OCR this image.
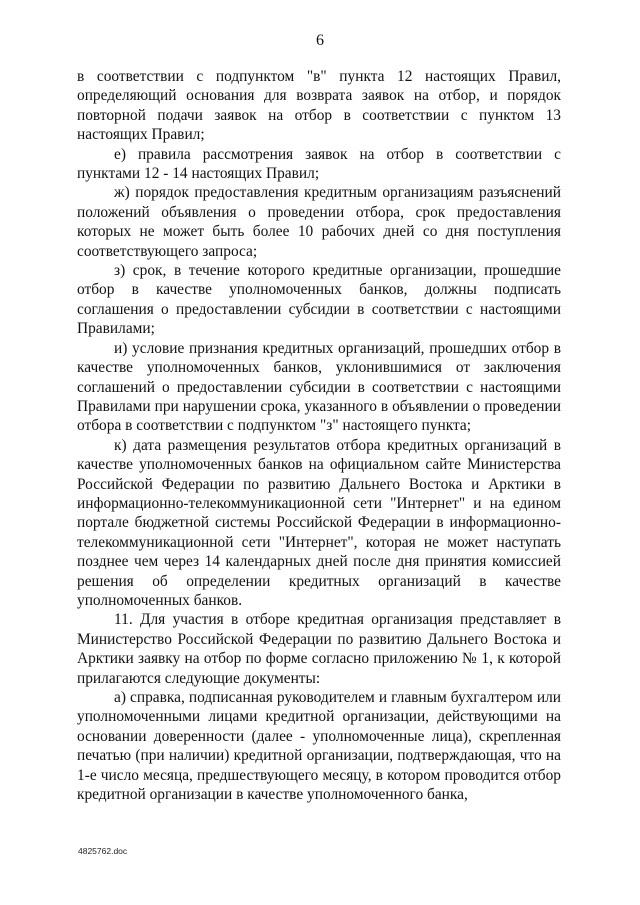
6

в соответствии с подпунктом "в" пункта 12 настоящих Правил, определяющий основания для возврата заявок на отбор, и порядок повторной подачи заявок на отбор в соответствии с пунктом 13 настоящих Правил;

е) правила рассмотрения заявок на отбор в соответствии с пунктами 12 - 14 настоящих Правил;

ж) порядок предоставления кредитным организациям разъяснений положений объявления о проведении отбора, срок предоставления которых не может быть более 10 рабочих дней со дня поступления соответствующего запроса;

з) срок, в течение которого кредитные организации, прошедшие отбор в качестве уполномоченных банков, должны подписать соглашения о предоставлении субсидии в соответствии с настоящими Правилами;

и) условие признания кредитных организаций, прошедших отбор в качестве уполномоченных банков, уклонившимися от заключения соглашений о предоставлении субсидии в соответствии с настоящими Правилами при нарушении срока, указанного в объявлении о проведении отбора в соответствии с подпунктом "з" настоящего пункта;

к) дата размещения результатов отбора кредитных организаций в качестве уполномоченных банков на официальном сайте Министерства Российской Федерации по развитию Дальнего Востока и Арктики в информационно-телекоммуникационной сети "Интернет" и на едином портале бюджетной системы Российской Федерации в информационно-телекоммуникационной сети "Интернет", которая не может наступать позднее чем через 14 календарных дней после дня принятия комиссией решения об определении кредитных организаций в качестве уполномоченных банков.

11. Для участия в отборе кредитная организация представляет в Министерство Российской Федерации по развитию Дальнего Востока и Арктики заявку на отбор по форме согласно приложению № 1, к которой прилагаются следующие документы:

а) справка, подписанная руководителем и главным бухгалтером или уполномоченными лицами кредитной организации, действующими на основании доверенности (далее - уполномоченные лица), скрепленная печатью (при наличии) кредитной организации, подтверждающая, что на 1-е число месяца, предшествующего месяцу, в котором проводится отбор кредитной организации в качестве уполномоченного банка,

4825762.doc
